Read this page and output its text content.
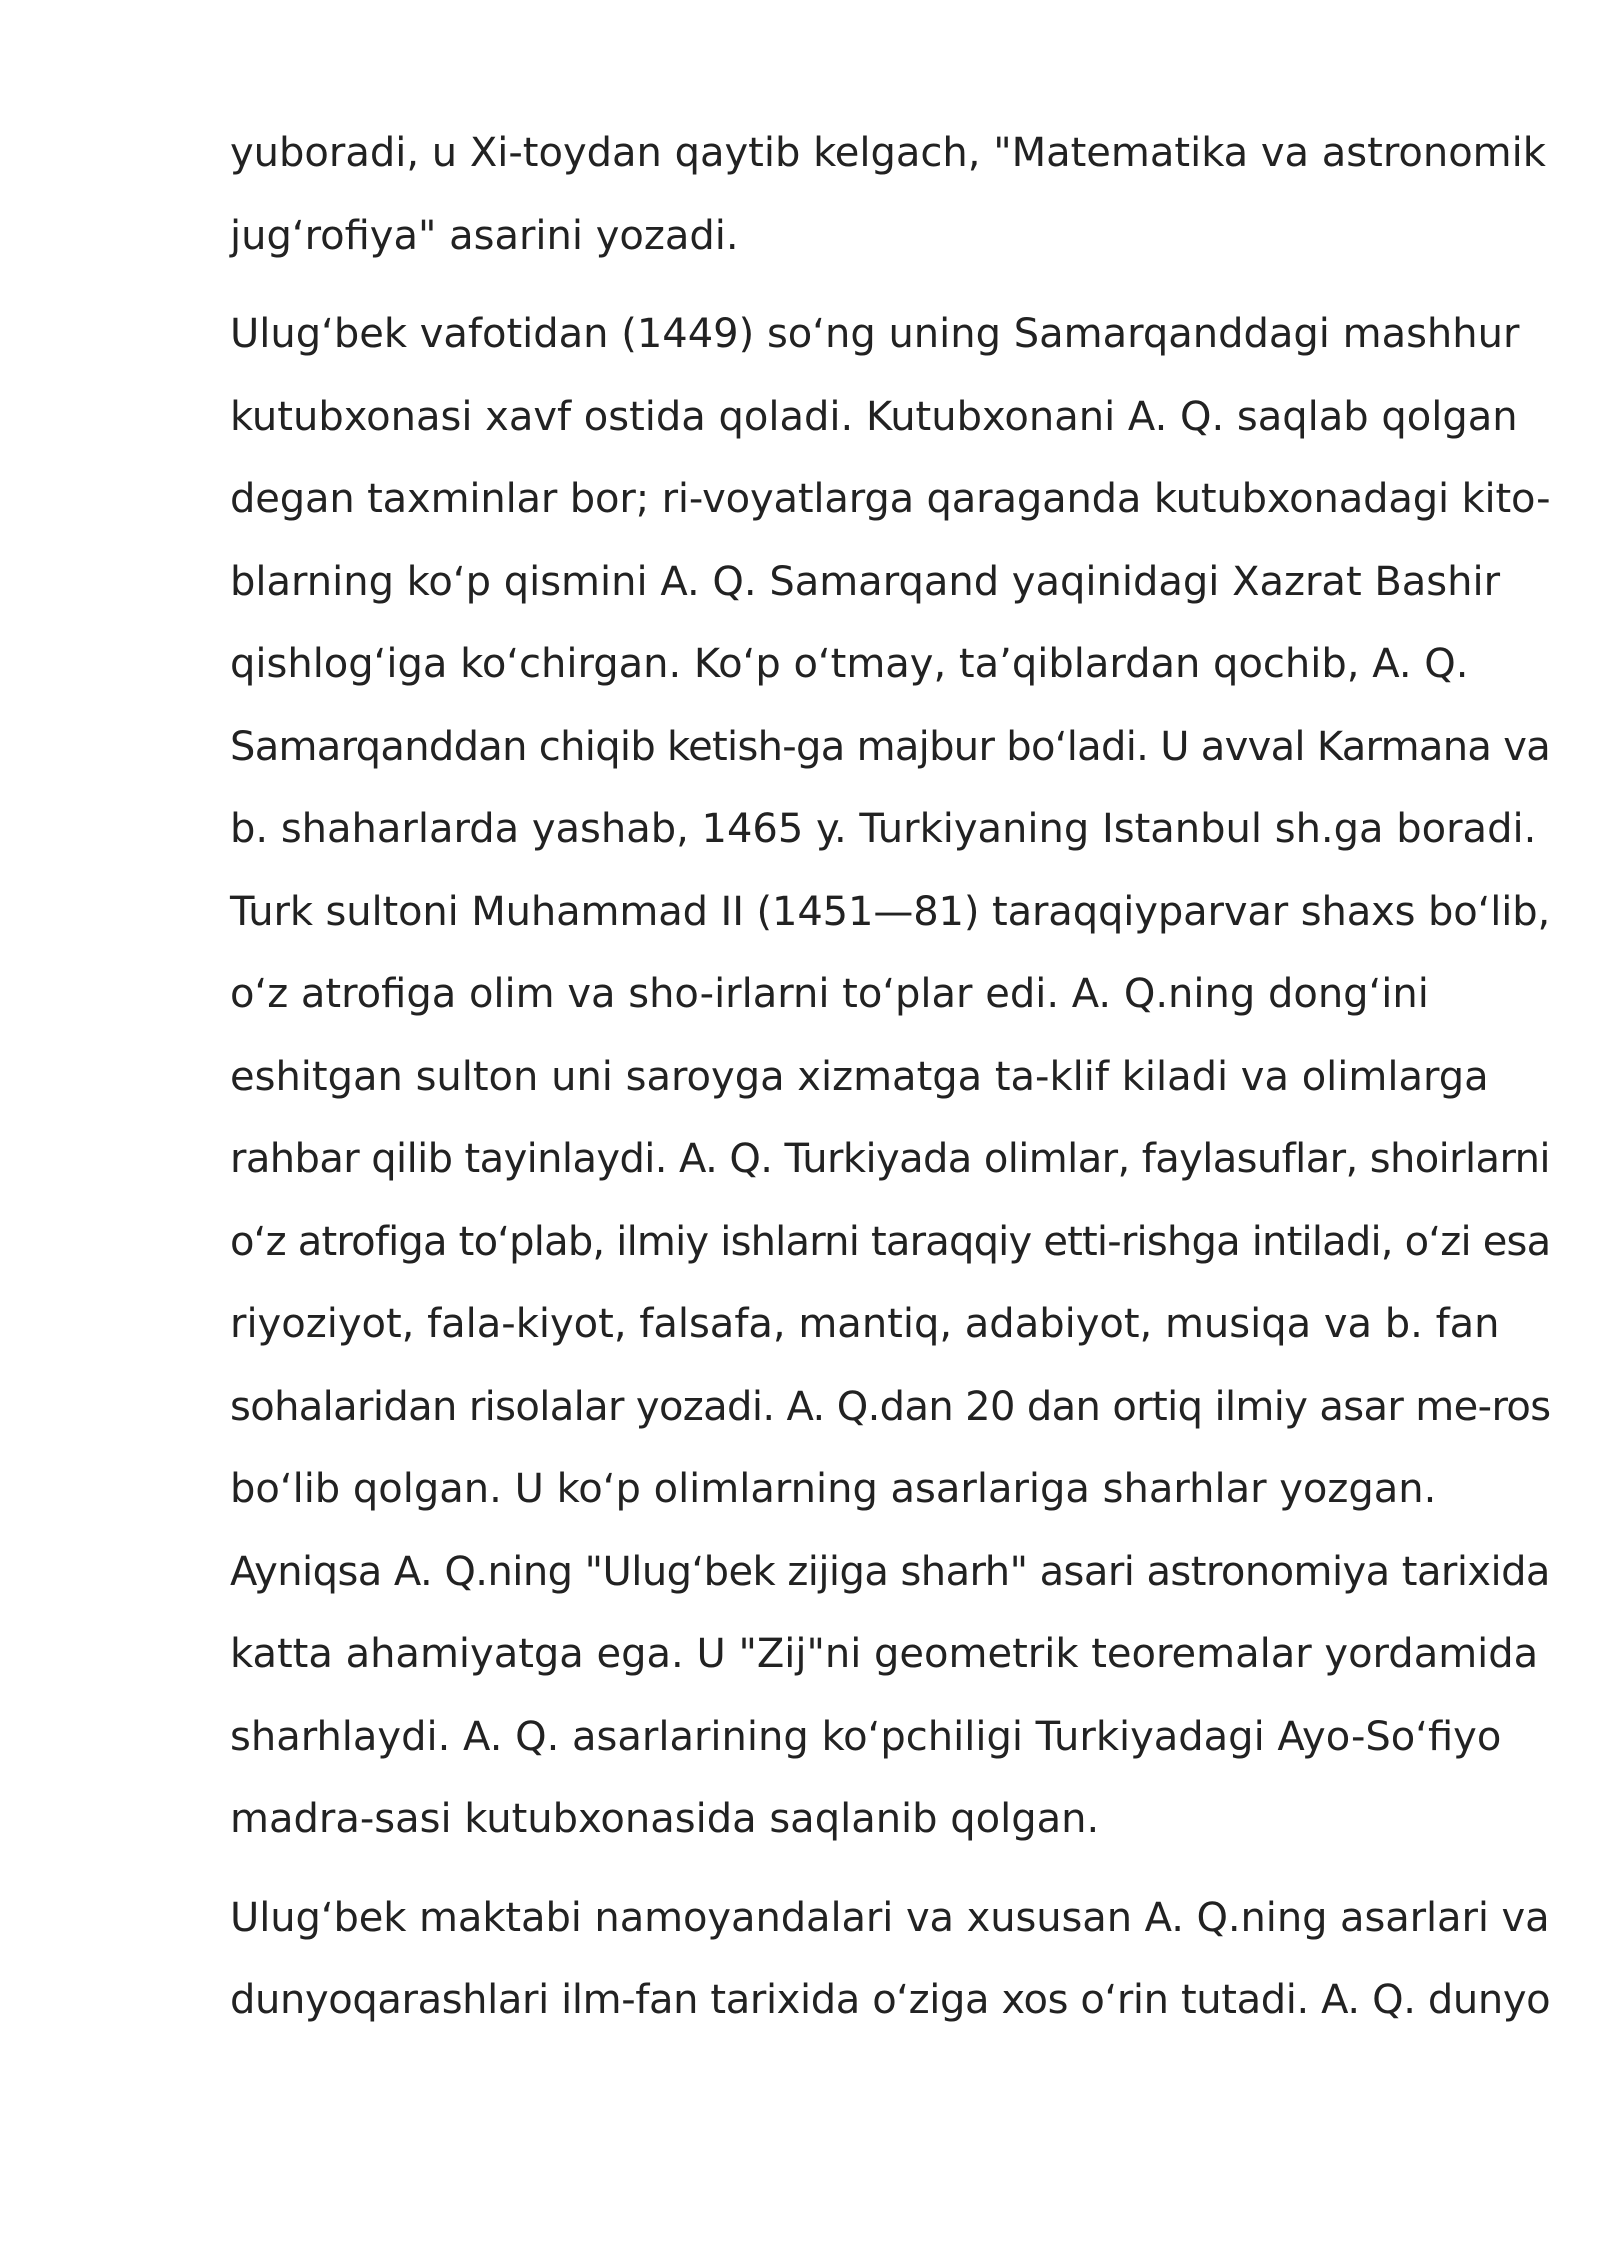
yuboradi, u Xi-toydan qaytib kelgach, "Matematika va astronomik
jug‘rofiya" asarini yozadi.

Ulug‘bek vafotidan (1449) so‘ng uning Samarqanddagi mashhur
kutubxonasi xavf ostida qoladi. Kutubxonani A. Q. saqlab qolgan
degan taxminlar bor; ri-voyatlarga qaraganda kutubxonadagi kito-
blarning ko‘p qismini A. Q. Samarqand yaqinidagi Xazrat Bashir
qishlog‘iga ko‘chirgan. Ko‘p o‘tmay, ta’qiblardan qochib, A. Q.
Samarqanddan chiqib ketish-ga majbur bo‘ladi. U avval Karmana va
b. shaharlarda yashab, 1465 y. Turkiyaning Istanbul sh.ga boradi.
Turk sultoni Muhammad II (1451—81) taraqqiyparvar shaxs bo‘lib,
o‘z atrofiga olim va sho-irlarni to‘plar edi. A. Q.ning dong‘ini
eshitgan sulton uni saroyga xizmatga ta-klif kiladi va olimlarga
rahbar qilib tayinlaydi. A. Q. Turkiyada olimlar, faylasuflar, shoirlarni
o‘z atrofiga to‘plab, ilmiy ishlarni taraqqiy etti-rishga intiladi, o‘zi esa
riyoziyot, fala-kiyot, falsafa, mantiq, adabiyot, musiqa va b. fan
sohalaridan risolalar yozadi. A. Q.dan 20 dan ortiq ilmiy asar me-ros
bo‘lib qolgan. U ko‘p olimlarning asarlariga sharhlar yozgan.
Ayniqsa A. Q.ning "Ulug‘bek zijiga sharh" asari astronomiya tarixida
katta ahamiyatga ega. U "Zij"ni geometrik teoremalar yordamida
sharhlaydi. A. Q. asarlarining ko‘pchiligi Turkiyadagi Ayo-So‘fiyo
madra-sasi kutubxonasida saqlanib qolgan.

Ulug‘bek maktabi namoyandalari va xususan A. Q.ning asarlari va
dunyoqarashlari ilm-fan tarixida o‘ziga xos o‘rin tutadi. A. Q. dunyo
